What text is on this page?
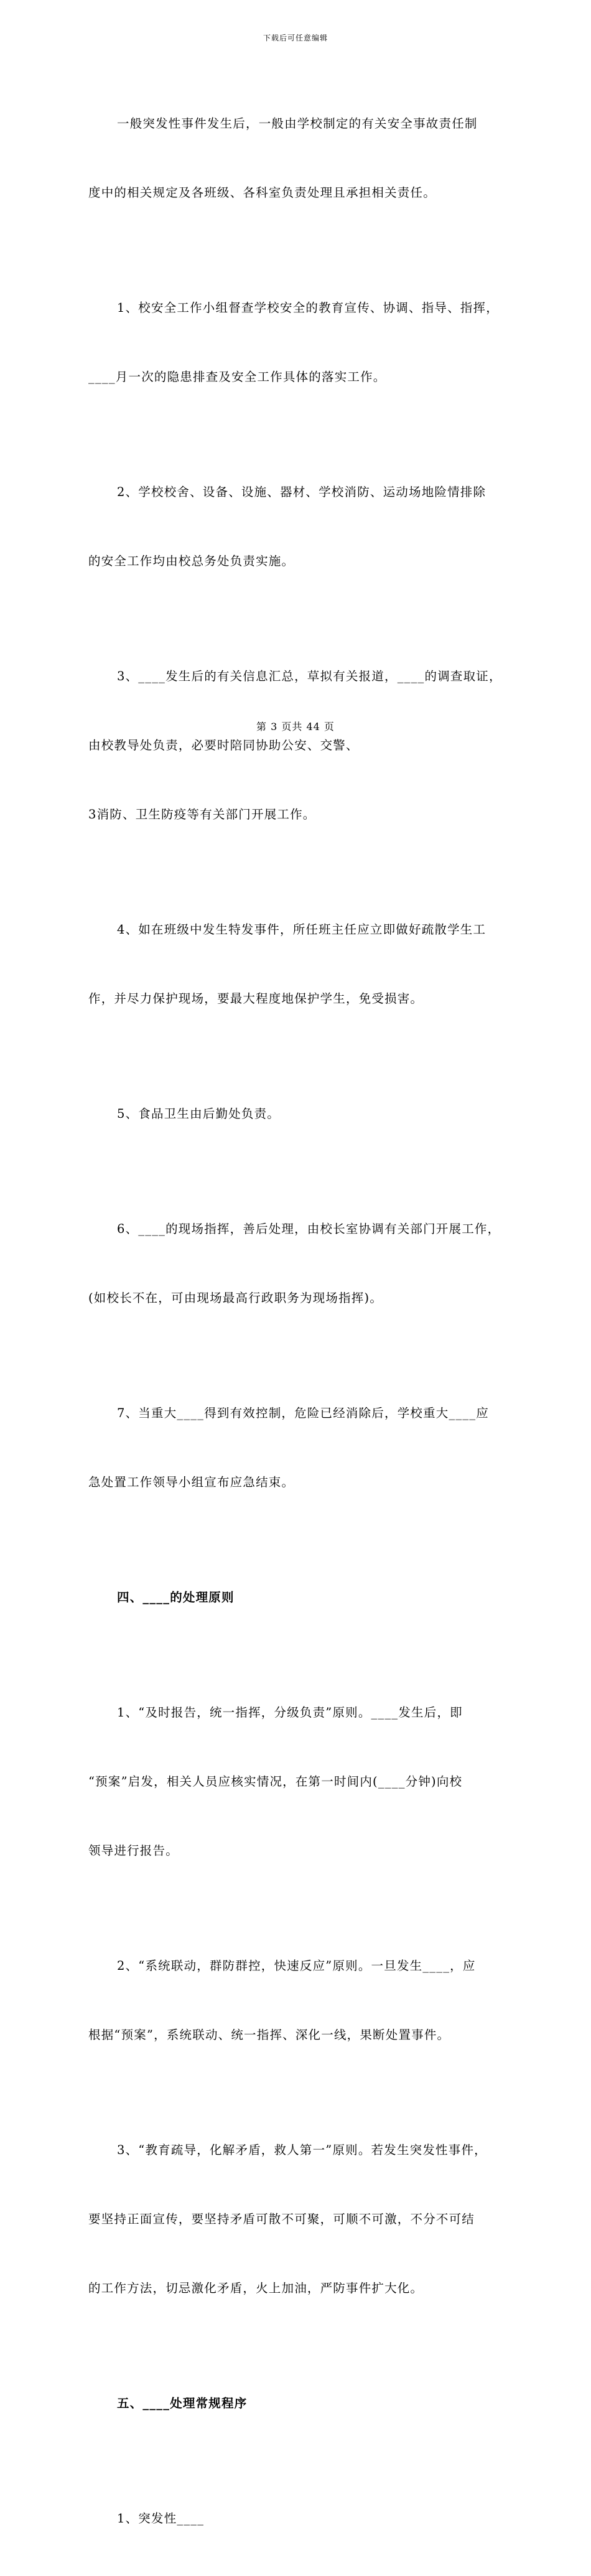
下载后可任意编辑

一般突发性事件发生后，一般由学校制定的有关安全事故责任制

度中的相关规定及各班级、各科室负责处理且承担相关责任。

1、校安全工作小组督查学校安全的教育宣传、协调、指导、指挥，

____月一次的隐患排查及安全工作具体的落实工作。

2、学校校舍、设备、设施、器材、学校消防、运动场地险情排除

的安全工作均由校总务处负责实施。

3、____发生后的有关信息汇总，草拟有关报道，____的调查取证，

由校教导处负责，必要时陪同协助公安、交警、

3消防、卫生防疫等有关部门开展工作。

4、如在班级中发生特发事件，所任班主任应立即做好疏散学生工

作，并尽力保护现场，要最大程度地保护学生，免受损害。

5、食品卫生由后勤处负责。

6、____的现场指挥，善后处理，由校长室协调有关部门开展工作，

(如校长不在，可由现场最高行政职务为现场指挥)。

7、当重大____得到有效控制，危险已经消除后，学校重大____应

急处置工作领导小组宣布应急结束。

四、____的处理原则

1、“及时报告，统一指挥，分级负责”原则。____发生后，即

“预案”启发，相关人员应核实情况，在第一时间内(____分钟)向校

领导进行报告。

2、“系统联动，群防群控，快速反应”原则。一旦发生____，应

根据“预案”，系统联动、统一指挥、深化一线，果断处置事件。

3、“教育疏导，化解矛盾，救人第一”原则。若发生突发性事件，

要坚持正面宣传，要坚持矛盾可散不可聚，可顺不可激，不分不可结

的工作方法，切忌激化矛盾，火上加油，严防事件扩大化。

五、____处理常规程序

1、突发性____

第 3 页共 44 页
